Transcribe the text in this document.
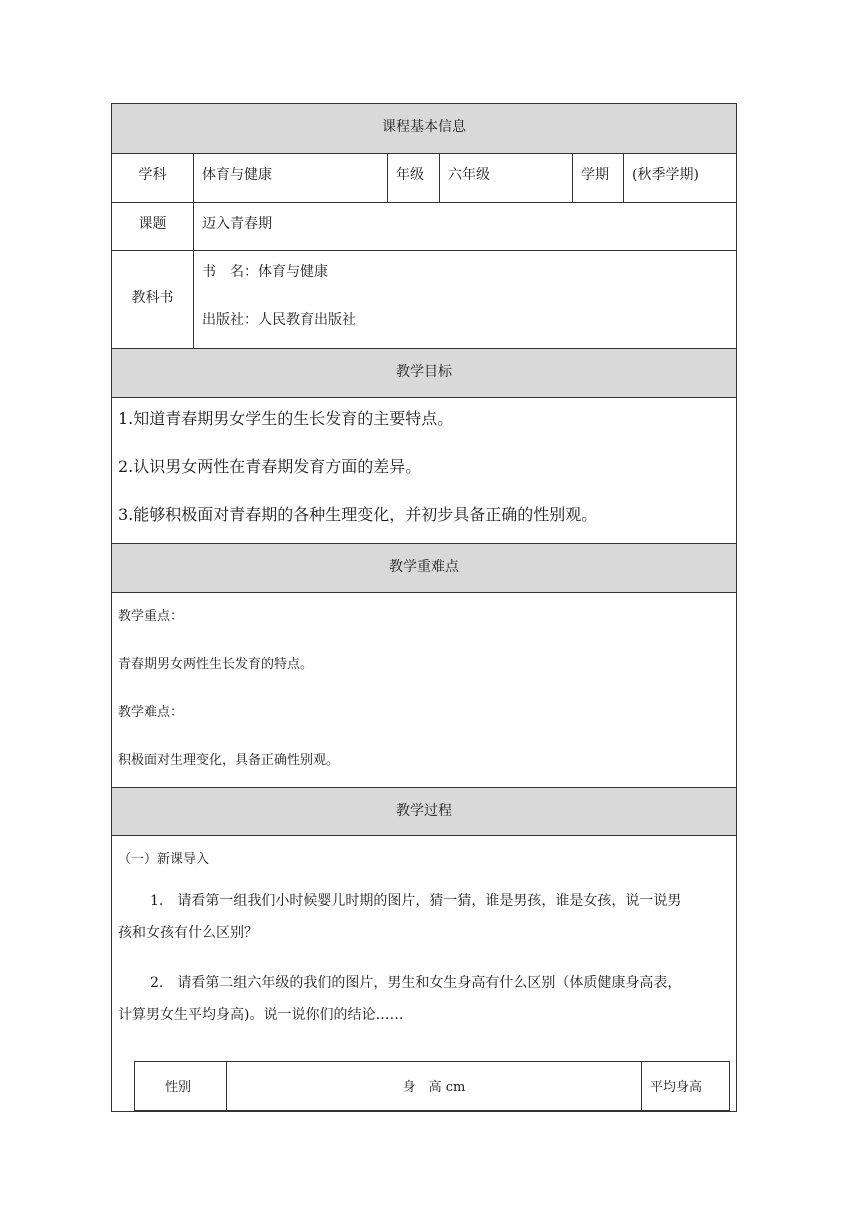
课程基本信息
学科	体育与健康	年级 六年级	学期 (秋季学期)
课题	迈入青春期
教科书
书　名：体育与健康
出版社：人民教育出版社
教学目标
1.知道青春期男女学生的生长发育的主要特点。
2.认识男女两性在青春期发育方面的差异。
3.能够积极面对青春期的各种生理变化，并初步具备正确的性别观。
教学重难点
教学重点：
青春期男女两性生长发育的特点。
教学难点：
积极面对生理变化，具备正确性别观。
教学过程
（一）新课导入
1.　请看第一组我们小时候婴儿时期的图片，猜一猜，谁是男孩，谁是女孩，说一说男
孩和女孩有什么区别？
2.　请看第二组六年级的我们的图片，男生和女生身高有什么区别（体质健康身高表，
计算男女生平均身高)。说一说你们的结论……
性别	身　高 cm	平均身高
